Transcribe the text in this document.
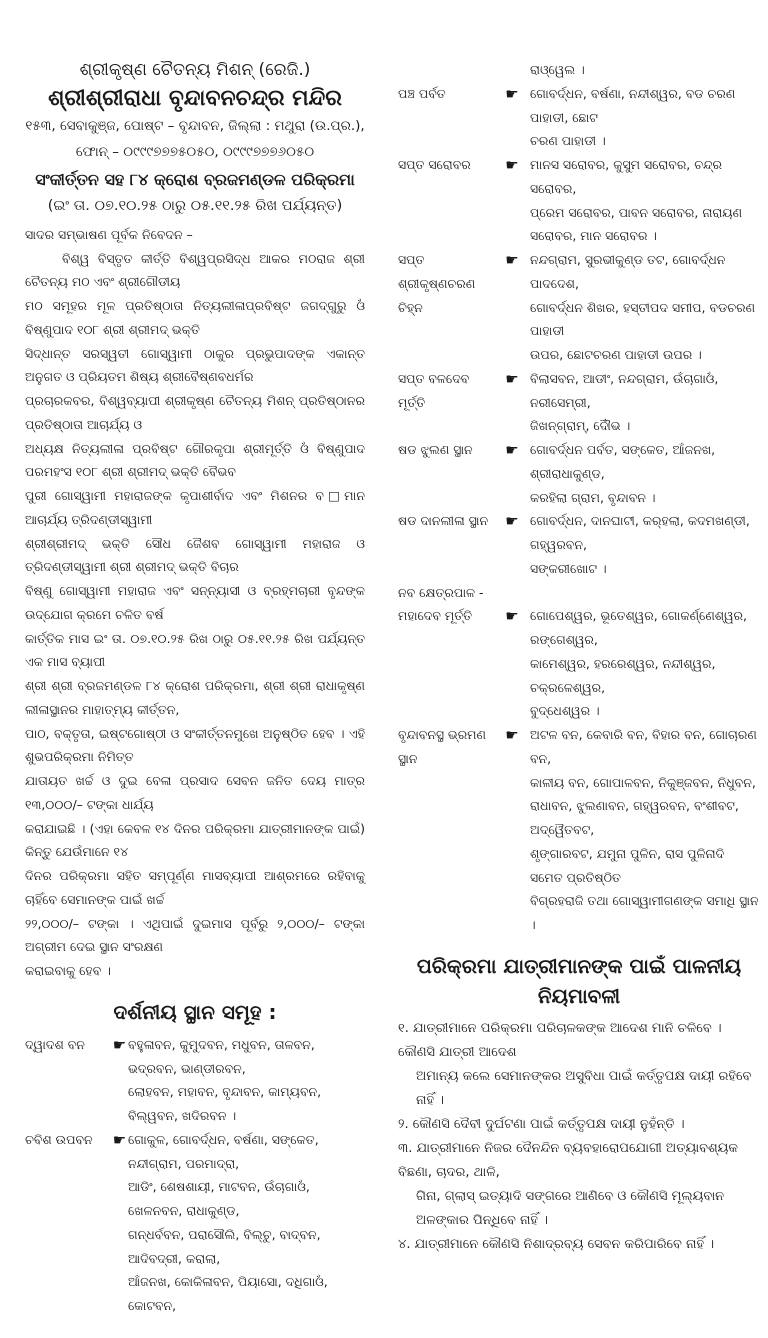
ଶ୍ରୀକୃଷ୍ଣ ଚୈତନ୍ୟ ମିଶନ୍ (ରେଜି.)
ଶ୍ରୀଶ୍ରୀରାଧା ବୃନ୍ଦାବନଚନ୍ଦ୍ର ମନ୍ଦିର
୧୫୩, ସେବାକୁଞ୍ଜ, ପୋଷ୍ଟ – ବୃନ୍ଦାବନ, ଜିଲ୍ଲା : ମଥୁରା (ଉ.ପ୍ର.),
ଫୋନ୍ – ୦୯୯୯୭୭୭୫୦୫୦, ୦୯୯୯୭୭୭୬୦୫୦
ସଂକୀର୍ତ୍ତନ ସହ ୮୪ କ୍ରୋଶ ବ୍ରଜମଣ୍ଡଳ ପରିକ୍ରମା
(ଇଂ ତା. ୦୭.୧୦.୨୫ ଠାରୁ ୦୫.୧୧.୨୫ ରିଖ ପର୍ଯ୍ୟନ୍ତ)
ସାଦର ସମ୍ଭାଷଣ ପୂର୍ବକ ନିବେଦନ –
ବିଶ୍ୱ ବିସ୍ତୃତ କୀର୍ତ୍ତି ବିଶ୍ୱପ୍ରସିଦ୍ଧ ଆକର ମଠରାଜ ଶ୍ରୀ ଚୈତନ୍ୟ ମଠ ଏବଂ ଶ୍ରୀଗୌଡୀୟ
ମଠ ସମୂହର ମୂଳ ପ୍ରତିଷ୍ଠାତା ନିତ୍ୟଲୀଳାପ୍ରବିଷ୍ଟ ଜଗଦ୍‌ଗୁରୁ ଓଁ ବିଷ୍ଣୁପାଦ ୧୦୮ ଶ୍ରୀ ଶ୍ରୀମଦ୍ ଭକ୍ତି
ସିଦ୍ଧାନ୍ତ ସରସ୍ୱତୀ ଗୋସ୍ୱାମୀ ଠାକୁର ପ୍ରଭୁପାଦଙ୍କ ଏକାନ୍ତ ଅନୁଗତ ଓ ପ୍ରିୟତମ ଶିଷ୍ୟ ଶ୍ରୀବୈଷ୍ଣବଧର୍ମର
ପ୍ରଚାରକବର, ବିଶ୍ୱବ୍ୟାପୀ ଶ୍ରୀକୃଷ୍ଣ ଚୈତନ୍ୟ ମିଶନ୍ ପ୍ରତିଷ୍ଠାନର ପ୍ରତିଷ୍ଠାତା ଆଚାର୍ଯ୍ୟ ଓ
ଅଧ୍ୟକ୍ଷ ନିତ୍ୟଲୀଳା ପ୍ରବିଷ୍ଟ ଗୌରକୃପା ଶ୍ରୀମୂର୍ତ୍ତି ଓଁ ବିଷ୍ଣୁପାଦ ପରମହଂସ ୧୦୮ ଶ୍ରୀ ଶ୍ରୀମଦ୍ ଭକ୍ତି ବୈଭବ
ପୁରୀ ଗୋସ୍ୱାମୀ ମହାରାଜଙ୍କ କୃପାଶୀର୍ବାଦ ଏବଂ ମିଶନର ବ□ମାନ ଆଚାର୍ଯ୍ୟ ତ୍ରିଦଣ୍ଡୀସ୍ୱାମୀ
ଶ୍ରୀଶ୍ରୀମଦ୍ ଭକ୍ତି ସୌଧ ଜୈଶବ ଗୋସ୍ୱାମୀ ମହାରାଜ ଓ ତ୍ରିଦଣ୍ଡୀସ୍ୱାମୀ ଶ୍ରୀ ଶ୍ରୀମଦ୍ ଭକ୍ତି ବିଚାର
ବିଷ୍ଣୁ ଗୋସ୍ୱାମୀ ମହାରାଜ ଏବଂ ସନ୍ନ୍ୟାସୀ ଓ ବ୍ରହ୍ମଚାରୀ ବୃନ୍ଦଙ୍କ ଉଦ୍‌ଯୋଗ କ୍ରମେ ଚଳିତ ବର୍ଷ
କାର୍ତ୍ତିକ ମାସ ଇଂ ତା. ୦୭.୧୦.୨୫ ରିଖ ଠାରୁ ୦୫.୧୧.୨୫ ରିଖ ପର୍ଯ୍ୟନ୍ତ ଏକ ମାସ ବ୍ୟାପୀ
ଶ୍ରୀ ଶ୍ରୀ ବ୍ରଜମଣ୍ଡଳ ୮୪ କ୍ରୋଶ ପରିକ୍ରମା, ଶ୍ରୀ ଶ୍ରୀ ରାଧାକୃଷ୍ଣ ଲୀଳାସ୍ଥାନର ମାହାତ୍ମ୍ୟ କୀର୍ତ୍ତନ,
ପାଠ, ବକ୍ତୃତା, ଇଷ୍ଟଗୋଷ୍ଠୀ ଓ ସଂକୀର୍ତ୍ତନମୁଖେ ଅନୁଷ୍ଠିତ ହେବ । ଏହି ଶୁଭପରିକ୍ରମା ନିମିତ୍ତ
ଯାତାୟତ ଖର୍ଚ୍ଚ ଓ ଦୁଇ ବେଳା ପ୍ରସାଦ ସେବନ ଜନିତ ଦେୟ ମାତ୍ର ୧୩,୦୦୦/– ଟଙ୍କା ଧାର୍ଯ୍ୟ
କରାଯାଇଛି । (ଏହା କେବଳ ୧୪ ଦିନର ପରିକ୍ରମା ଯାତ୍ରୀମାନଙ୍କ ପାଇଁ) କିନ୍ତୁ ଯେଉଁମାନେ ୧୪
ଦିନର ପରିକ୍ରମା ସହିତ ସମ୍ପୂର୍ଣ୍ଣ ମାସବ୍ୟାପୀ ଆଶ୍ରମରେ ରହିବାକୁ ଚାହିଁବେ ସେମାନଙ୍କ ପାଇଁ ଖର୍ଚ୍ଚ
୨୨,୦୦୦/– ଟଙ୍କା । ଏଥିପାଇଁ ଦୁଇମାସ ପୂର୍ବରୁ ୨,୦୦୦/– ଟଙ୍କା ଅଗ୍ରୀମ ଦେଇ ସ୍ଥାନ ସଂରକ୍ଷଣ
କରାଇବାକୁ ହେବ ।
ଦର୍ଶନୀୟ ସ୍ଥାନ ସମୂହ :
ଦ୍ୱାଦଶ ବନ	☛ ବହୁଳାବନ, କୁମୁଦବନ, ମଧୁବନ, ତାଳବନ, ଭଦ୍ରବନ, ଭାଣ୍ଡୀରବନ,
ଲୋହବନ, ମହାବନ, ବୃନ୍ଦାବନ, କାମ୍ୟବନ, ବିଲ୍ୱବନ, ଖଦିରବନ ।
ଚବିଶ ଉପବନ	☛ ଗୋକୁଳ, ଗୋବର୍ଦ୍ଧନ, ବର୍ଷଣା, ସଙ୍କେତ, ନନ୍ଦୀଗ୍ରାମ, ପରମାଦ୍ରା,
ଆଡିଂ, ଶେଷଶାୟୀ, ମାଟବନ, ଉଁଚାଗାଓଁ, ଖେଳନବନ, ରାଧାକୁଣ୍ଡ,
ଗନ୍ଧର୍ବବନ, ପରାସୌଲି, ବିଲ୍ଚୁ, ବାଦ୍‌ବନ, ଆଦିବଦ୍ରୀ, କରାଲା,
ଆଁଜନଖ, କୋକିଳାବନ, ପିୟାସୋ, ଦଧିଗାଓଁ, କୋଟବନ,
ରାଓ୍ୱେଲ ।
ପଞ୍ଚ ପର୍ବତ	☛ ଗୋବର୍ଦ୍ଧନ, ବର୍ଷଣା, ନନ୍ଦୀଶ୍ୱର, ବଡ ଚରଣ ପାହାଡୀ, ଛୋଟ
ଚରଣ ପାହାଡୀ ।
ସପ୍ତ ସରୋବର	☛ ମାନସ ସରୋବର, କୁସୁମ ସରୋବର, ଚନ୍ଦ୍ର ସରୋବର,
ପ୍ରେମ ସରୋବର, ପାବନ ସରୋବର, ନାରାୟଣ
ସରୋବର, ମାନ ସରୋବର ।
ସପ୍ତ ଶ୍ରୀକୃଷ୍ଣଚରଣ ଚିହ୍ନ
☛ ନନ୍ଦଗ୍ରାମ, ସୁରଭୀକୁଣ୍ଡ ତଟ, ଗୋବର୍ଦ୍ଧନ ପାଦଦେଶ,
ଗୋବର୍ଦ୍ଧନ ଶିଖର, ହସ୍ତୀପଦ ସମୀପ, ବଡଚରଣ ପାହାଡୀ
ଉପର, ଛୋଟଚରଣ ପାହାଡୀ ଉପର ।
ସପ୍ତ ବଳଦେବ ମୂର୍ତ୍ତି
☛ ବିଲାସବନ, ଆଡୀଂ, ନନ୍ଦଗ୍ରାମ, ଉଁଚାଗାଓଁ, ନରୀସେମ୍ରୀ,
ଜିଖନ୍‌ଗ୍ରାମ୍, ଦୌଁଭ ।
ଷଡ ଝୁଲଣ ସ୍ଥାନ	☛ ଗୋବର୍ଦ୍ଧନ ପର୍ବତ, ସଙ୍କେତ, ଆଁଜନଖ, ଶ୍ରୀରାଧାକୁଣ୍ଡ,
କରହିଲା ଗ୍ରାମ, ବୃନ୍ଦାବନ ।
ଷଡ ଦାନଲୀଳା ସ୍ଥାନ	☛ ଗୋବର୍ଦ୍ଧନ, ଦାନଘାଟୀ, କର୍‌ହଲା, କଦମଖଣ୍ଡୀ, ଗହ୍ୱରବନ,
ସଙ୍କରୀଖୋଟ ।
ନବ କ୍ଷେତ୍ରପାଳ -
ମହାଦେବ ମୂର୍ତ୍ତି	☛ ଗୋପେଶ୍ୱର, ଭୂତେଶ୍ୱର, ଗୋକର୍ଣ୍ଣେଶ୍ୱର, ରଙ୍ଗେଶ୍ୱର,
କାମେଶ୍ୱର, ହରରେଶ୍ୱର, ନନ୍ଦୀଶ୍ୱର, ଚକ୍ରଳେଶ୍ୱର,
ବୁଦ୍ଧେଶ୍ୱର ।
ବୃନ୍ଦାବନସ୍ଥ ଭ୍ରମଣ ସ୍ଥାନ
☛ ଅଟଳ ବନ, କେବାରି ବନ, ବିହାର ବନ, ଗୋଚାରଣ ବନ,
କାଳୀୟ ବନ, ଗୋପାଳବନ, ନିକୁଞ୍ଜବନ, ନିଧୁବନ,
ରାଧାବନ, ଝୁଲଣାବନ, ଗହ୍ୱରବନ, ବଂଶୀବଟ, ଅଦ୍ୱୈତବଟ,
ଶୃଙ୍ଗାରବଟ, ଯମୁନା ପୁଳିନ, ରାସ ପୁଳିନାଦି ସମେତ ପ୍ରତିଷ୍ଠିତ
ବିଗ୍ରହରାଜି ତଥା ଗୋସ୍ୱାମୀଗଣଙ୍କ ସମାଧି ସ୍ଥାନ ।
ପରିକ୍ରମା ଯାତ୍ରୀମାନଙ୍କ ପାଇଁ ପାଳନୀୟ ନିୟମାବଳୀ
୧. ଯାତ୍ରୀମାନେ ପରିକ୍ରମା ପରିଚାଳକଙ୍କ ଆଦେଶ ମାନି ଚଳିବେ । କୌଣସି ଯାତ୍ରୀ ଆଦେଶ
ଅମାନ୍ୟ କଲେ ସେମାନଙ୍କର ଅସୁବିଧା ପାଇଁ କର୍ତ୍ତୃପକ୍ଷ ଦାୟୀ ରହିବେ ନାହିଁ ।
୨. କୌଣସି ଦୈବୀ ଦୁର୍ଘଟଣା ପାଇଁ କର୍ତ୍ତୃପକ୍ଷ ଦାୟୀ ନୁହଁନ୍ତି ।
୩. ଯାତ୍ରୀମାନେ ନିଜର ଦୈନନ୍ଦିନ ବ୍ୟବହାରୋପଯୋଗୀ ଅତ୍ୟାବଶ୍ୟକ ବିଛଣା, ଚାଦର, ଥାଳି,
ଗିନା, ଗ୍ଲାସ୍ ଇତ୍ୟାଦି ସଙ୍ଗରେ ଆଣିବେ ଓ କୌଣସି ମୂଲ୍ୟବାନ ଅଳଙ୍କାର ପିନ୍ଧିବେ ନାହିଁ ।
୪. ଯାତ୍ରୀମାନେ କୌଣସି ନିଶାଦ୍ରବ୍ୟ ସେବନ କରିପାରିବେ ନାହିଁ ।
